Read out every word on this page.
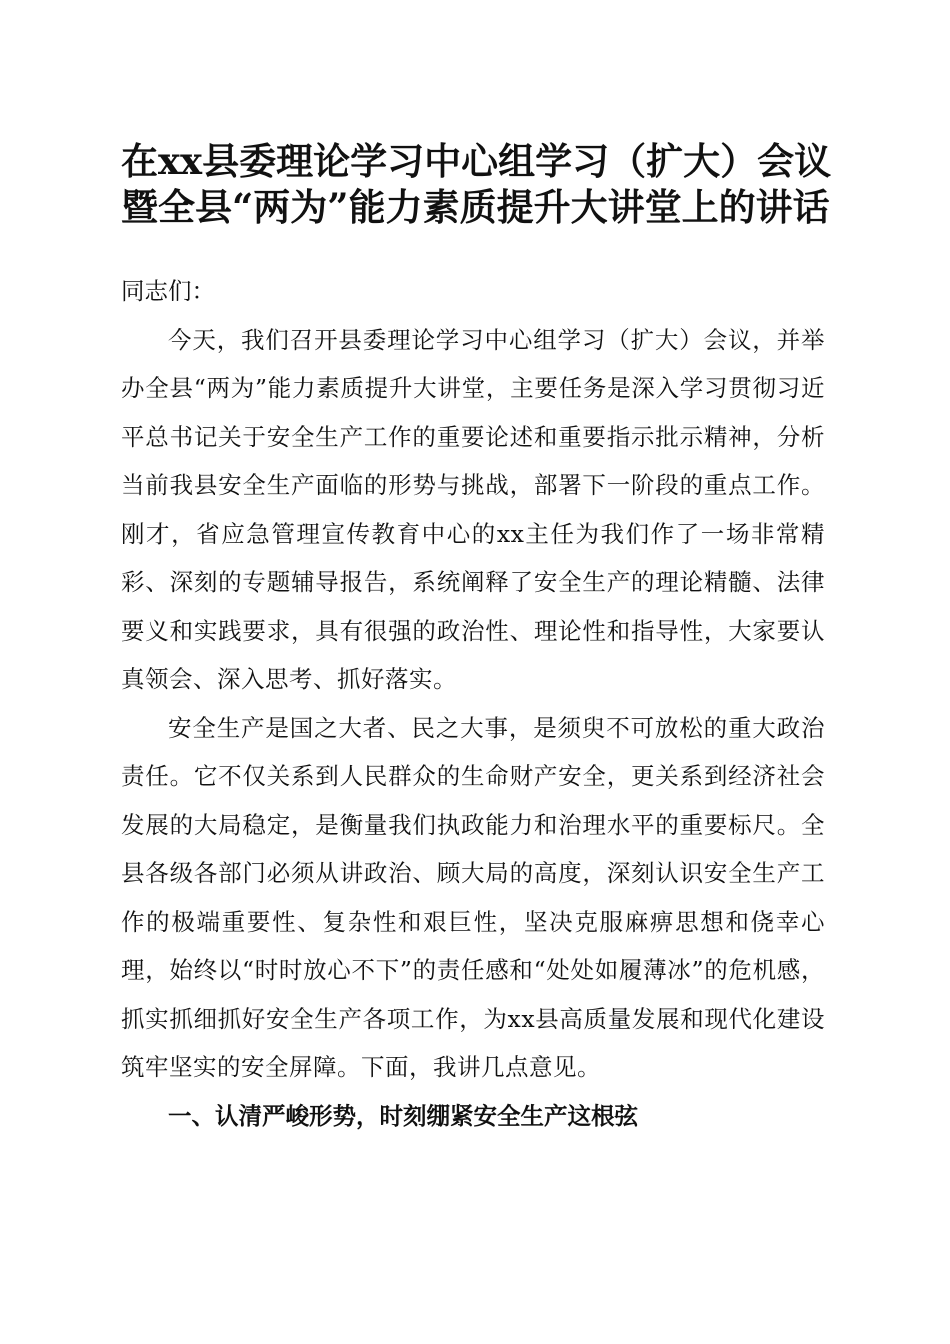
在xx县委理论学习中心组学习（扩大）会议
暨全县“两为”能力素质提升大讲堂上的讲话

同志们：

今天，我们召开县委理论学习中心组学习（扩大）会议，并举办全县“两为”能力素质提升大讲堂，主要任务是深入学习贯彻习近平总书记关于安全生产工作的重要论述和重要指示批示精神，分析当前我县安全生产面临的形势与挑战，部署下一阶段的重点工作。刚才，省应急管理宣传教育中心的xx主任为我们作了一场非常精彩、深刻的专题辅导报告，系统阐释了安全生产的理论精髓、法律要义和实践要求，具有很强的政治性、理论性和指导性，大家要认真领会、深入思考、抓好落实。

安全生产是国之大者、民之大事，是须臾不可放松的重大政治责任。它不仅关系到人民群众的生命财产安全，更关系到经济社会发展的大局稳定，是衡量我们执政能力和治理水平的重要标尺。全县各级各部门必须从讲政治、顾大局的高度，深刻认识安全生产工作的极端重要性、复杂性和艰巨性，坚决克服麻痹思想和侥幸心理，始终以“时时放心不下”的责任感和“处处如履薄冰”的危机感，抓实抓细抓好安全生产各项工作，为xx县高质量发展和现代化建设筑牢坚实的安全屏障。下面，我讲几点意见。

一、认清严峻形势，时刻绷紧安全生产这根弦
